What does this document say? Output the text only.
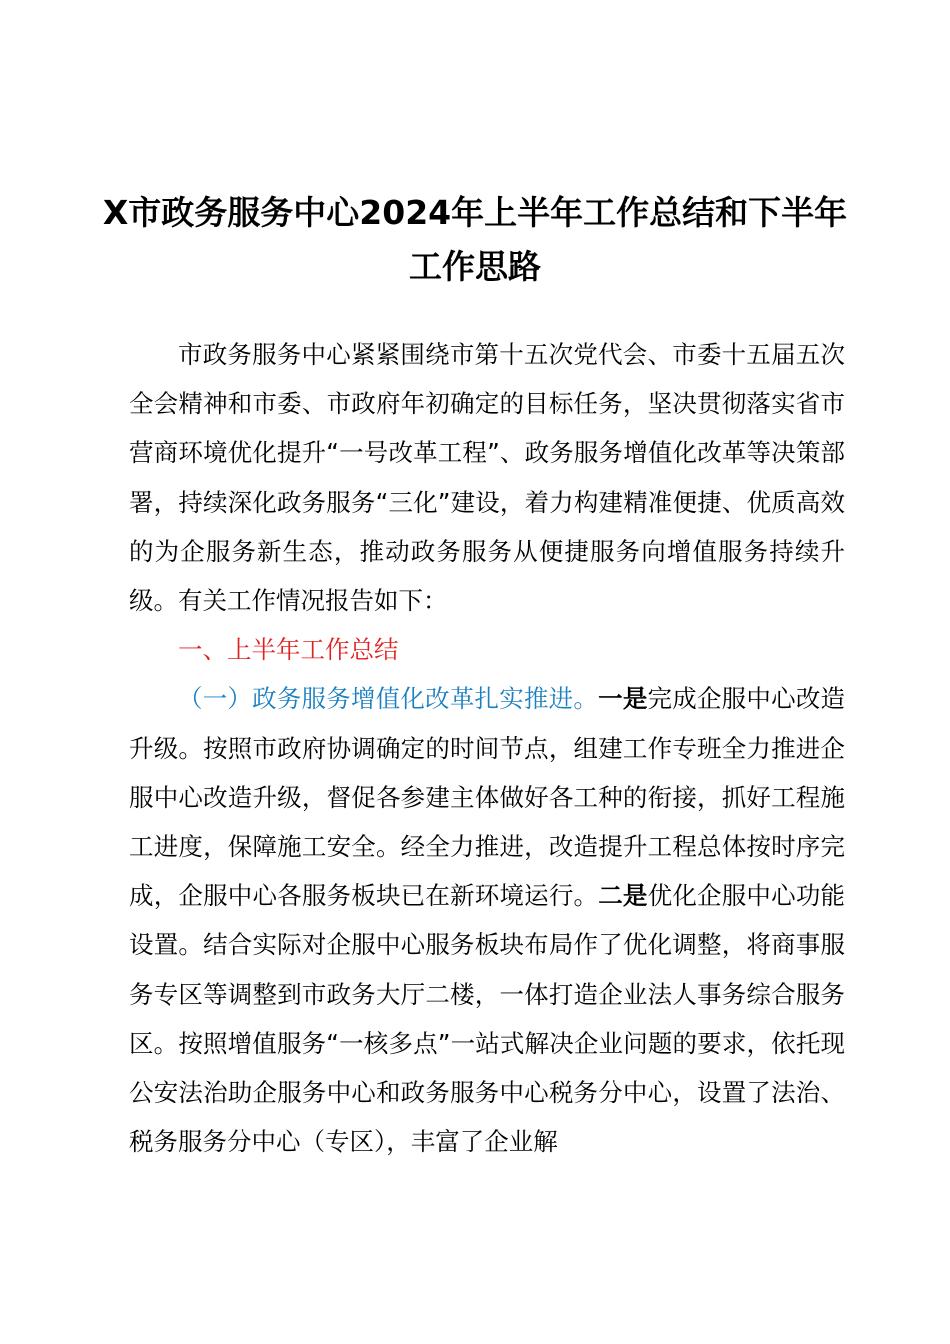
X市政务服务中心2024年上半年工作总结和下半年工作思路

市政务服务中心紧紧围绕市第十五次党代会、市委十五届五次全会精神和市委、市政府年初确定的目标任务，坚决贯彻落实省市营商环境优化提升“一号改革工程”、政务服务增值化改革等决策部署，持续深化政务服务“三化”建设，着力构建精准便捷、优质高效的为企服务新生态，推动政务服务从便捷服务向增值服务持续升级。有关工作情况报告如下：

一、上半年工作总结

（一）政务服务增值化改革扎实推进。一是完成企服中心改造升级。按照市政府协调确定的时间节点，组建工作专班全力推进企服中心改造升级，督促各参建主体做好各工种的衔接，抓好工程施工进度，保障施工安全。经全力推进，改造提升工程总体按时序完成，企服中心各服务板块已在新环境运行。二是优化企服中心功能设置。结合实际对企服中心服务板块布局作了优化调整，将商事服务专区等调整到市政务大厅二楼，一体打造企业法人事务综合服务区。按照增值服务“一核多点”一站式解决企业问题的要求，依托现公安法治助企服务中心和政务服务中心税务分中心，设置了法治、税务服务分中心（专区），丰富了企业解
